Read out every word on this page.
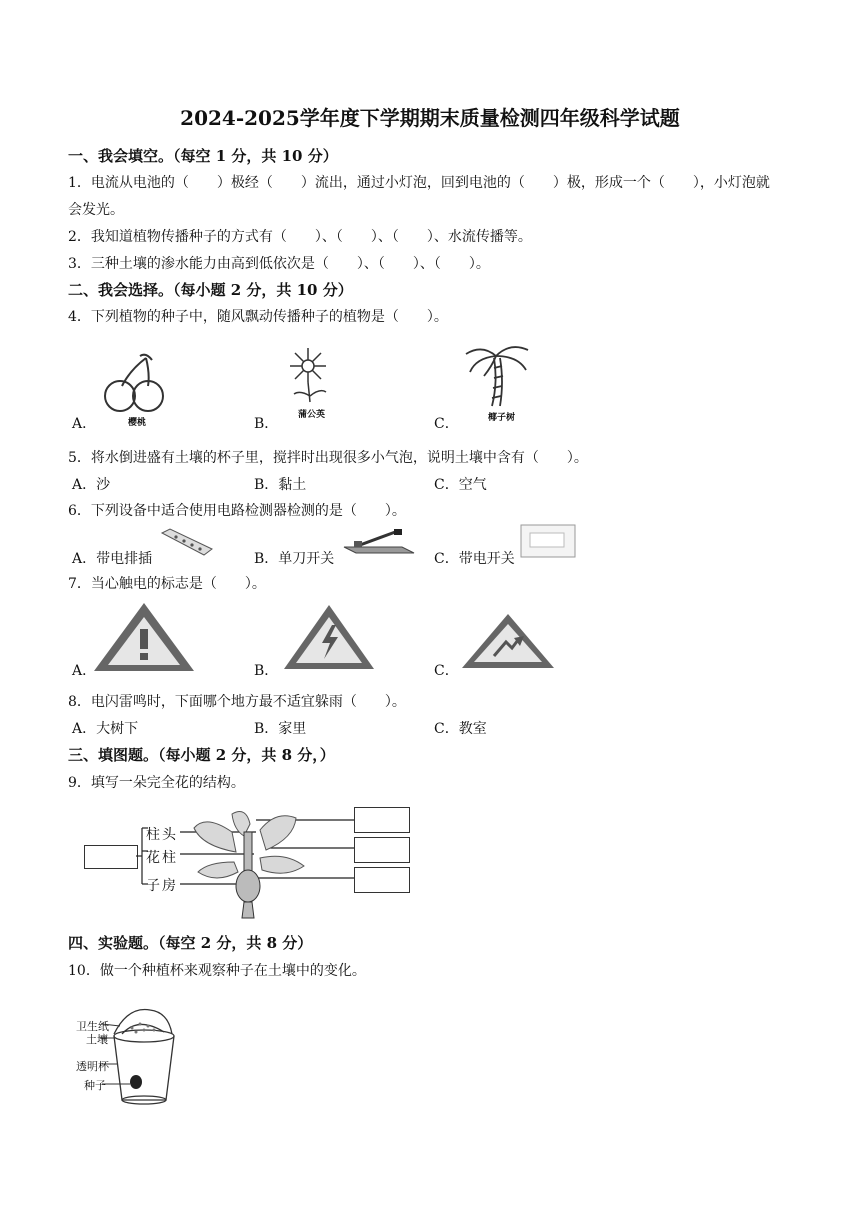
2024-2025学年度下学期期末质量检测四年级科学试题
一、我会填空。（每空 1 分，共 10 分）
1．电流从电池的（　　）极经（　　）流出，通过小灯泡，回到电池的（　　）极，形成一个（　　），小灯泡就
会发光。
2．我知道植物传播种子的方式有（　　）、（　　）、（　　）、水流传播等。
3．三种土壤的渗水能力由高到低依次是（　　）、（　　）、（　　）。
二、我会选择。（每小题 2 分，共 10 分）
4．下列植物的种子中，随风飘动传播种子的植物是（　　）。
A．	樱桃	B．
蒲公英
C．	椰子树
5．将水倒进盛有土壤的杯子里，搅拌时出现很多小气泡，说明土壤中含有（　　）。
A．沙	B．黏土	C．空气
6．下列设备中适合使用电路检测器检测的是（　　）。
A．带电排插	B．单刀开关	C．带电开关
7．当心触电的标志是（　　）。
A．	B．	C．
8．电闪雷鸣时，下面哪个地方最不适宜躲雨（　　）。
A．大树下	B．家里	C．教室
三、填图题。（每小题 2 分，共 8 分，）
9．填写一朵完全花的结构。
柱头
花柱
子房
四、实验题。（每空 2 分，共 8 分）
10．做一个种植杯来观察种子在土壤中的变化。
卫生纸
土壤
透明杯
种子
